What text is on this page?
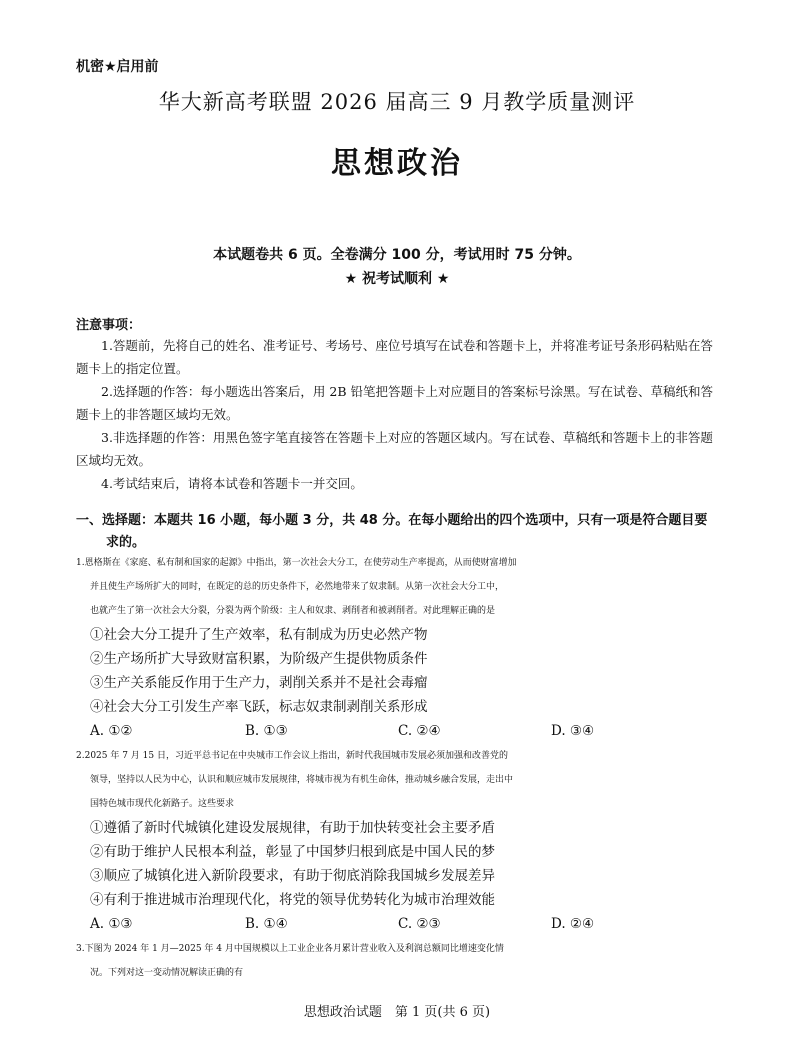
机密★启用前
华大新高考联盟 2026 届高三 9 月教学质量测评
思想政治
本试题卷共 6 页。全卷满分 100 分，考试用时 75 分钟。
★ 祝考试顺利 ★
注意事项：
1.答题前，先将自己的姓名、准考证号、考场号、座位号填写在试卷和答题卡上，并将准考证号条形码粘贴在答题卡上的指定位置。
2.选择题的作答：每小题选出答案后，用 2B 铅笔把答题卡上对应题目的答案标号涂黑。写在试卷、草稿纸和答题卡上的非答题区域均无效。
3.非选择题的作答：用黑色签字笔直接答在答题卡上对应的答题区域内。写在试卷、草稿纸和答题卡上的非答题区域均无效。
4.考试结束后，请将本试卷和答题卡一并交回。
一、选择题：本题共 16 小题，每小题 3 分，共 48 分。在每小题给出的四个选项中，只有一项是符合题目要
求的。
1.恩格斯在《家庭、私有制和国家的起源》中指出，第一次社会大分工，在使劳动生产率提高，从而使财富增加
并且使生产场所扩大的同时，在既定的总的历史条件下，必然地带来了奴隶制。从第一次社会大分工中，
也就产生了第一次社会大分裂，分裂为两个阶级：主人和奴隶、剥削者和被剥削者。对此理解正确的是
①社会大分工提升了生产效率，私有制成为历史必然产物
②生产场所扩大导致财富积累，为阶级产生提供物质条件
③生产关系能反作用于生产力，剥削关系并不是社会毒瘤
④社会大分工引发生产率飞跃，标志奴隶制剥削关系形成
A. ①②	B. ①③	C. ②④	D. ③④
2.2025 年 7 月 15 日，习近平总书记在中央城市工作会议上指出，新时代我国城市发展必须加强和改善党的
领导，坚持以人民为中心，认识和顺应城市发展规律，将城市视为有机生命体，推动城乡融合发展，走出中
国特色城市现代化新路子。这些要求
①遵循了新时代城镇化建设发展规律，有助于加快转变社会主要矛盾
②有助于维护人民根本利益，彰显了中国梦归根到底是中国人民的梦
③顺应了城镇化进入新阶段要求，有助于彻底消除我国城乡发展差异
④有利于推进城市治理现代化，将党的领导优势转化为城市治理效能
A. ①③	B. ①④	C. ②③	D. ②④
3.下图为 2024 年 1 月—2025 年 4 月中国规模以上工业企业各月累计营业收入及利润总额同比增速变化情
况。下列对这一变动情况解读正确的有
思想政治试题　第 1 页(共 6 页)
